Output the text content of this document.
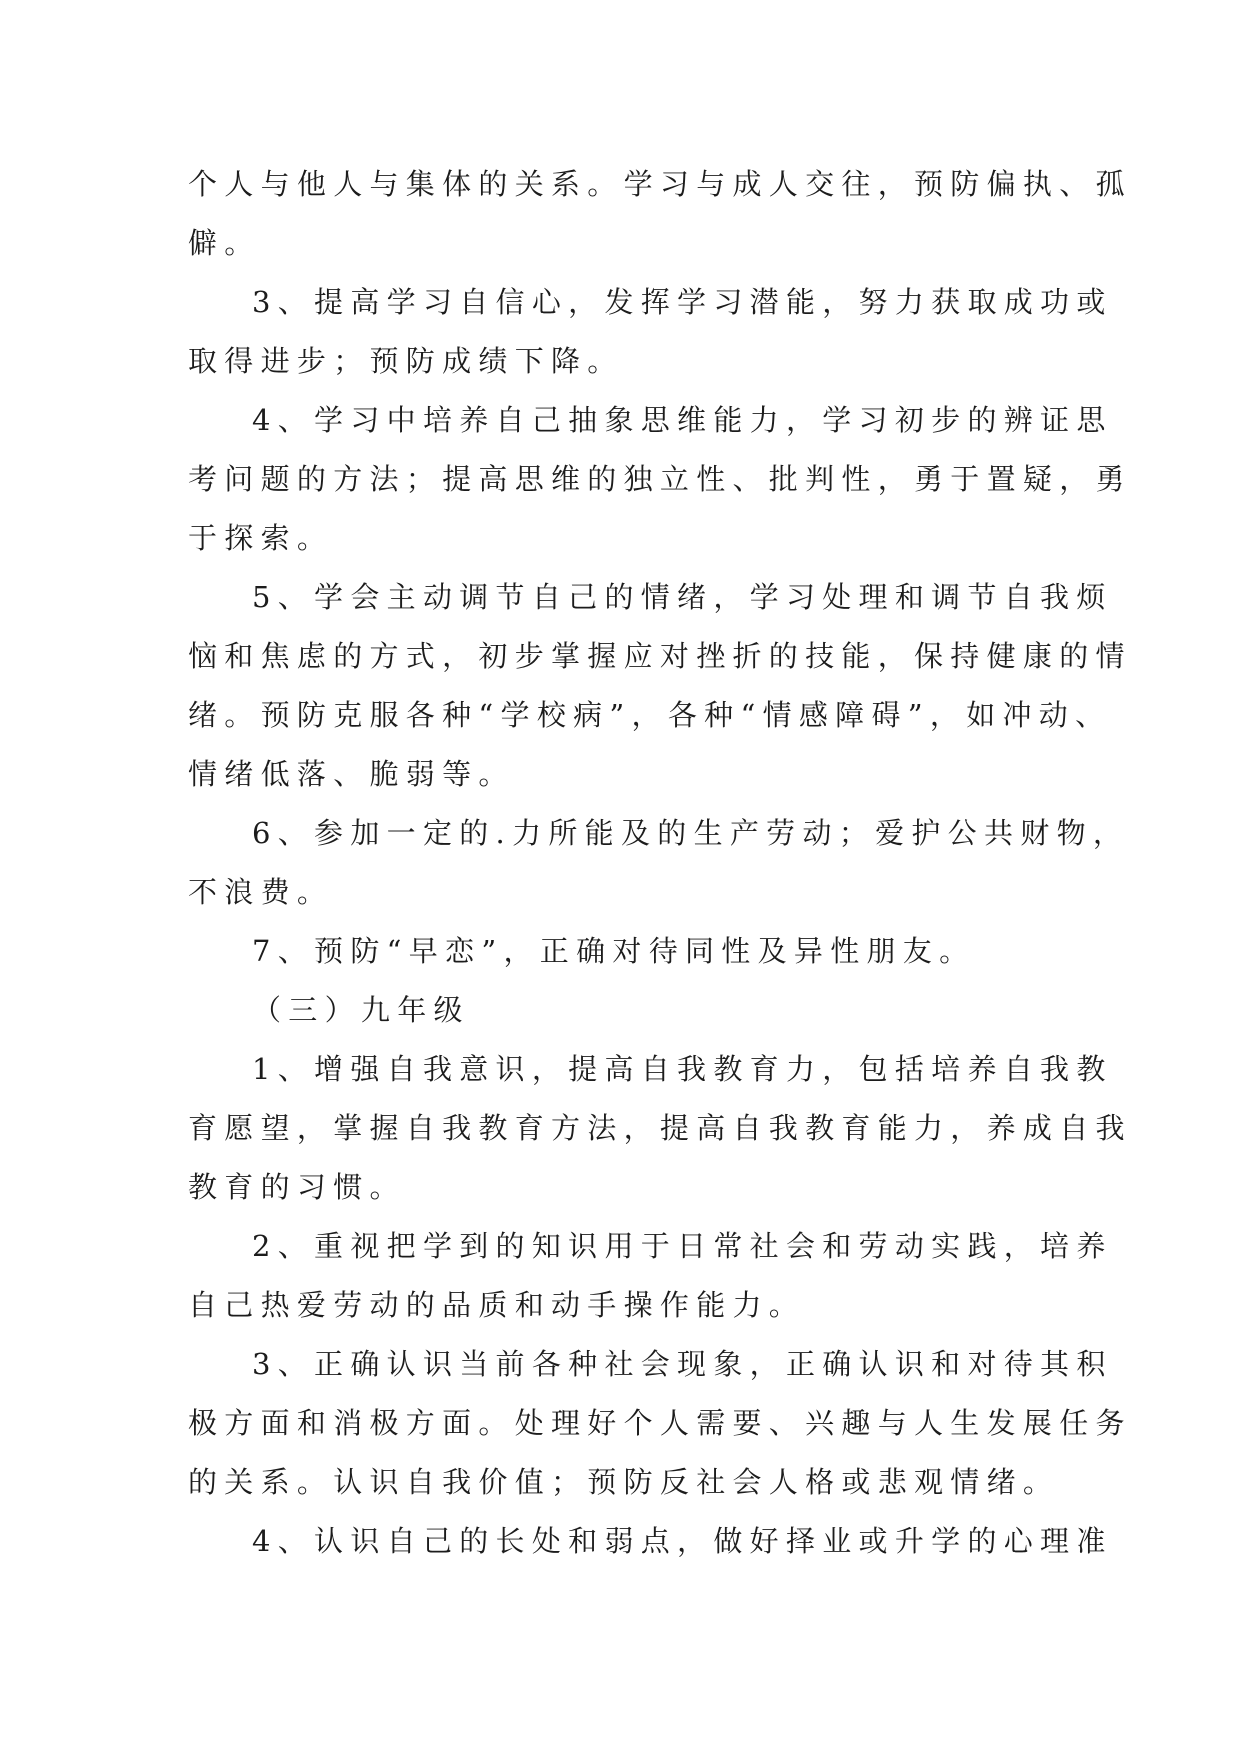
个人与他人与集体的关系。学习与成人交往，预防偏执、孤
僻。
3、提高学习自信心，发挥学习潜能，努力获取成功或
取得进步；预防成绩下降。
4、学习中培养自己抽象思维能力，学习初步的辨证思
考问题的方法；提高思维的独立性、批判性，勇于置疑，勇
于探索。
5、学会主动调节自己的情绪，学习处理和调节自我烦
恼和焦虑的方式，初步掌握应对挫折的技能，保持健康的情
绪。预防克服各种“学校病”，各种“情感障碍”，如冲动、
情绪低落、脆弱等。
6、参加一定的.力所能及的生产劳动；爱护公共财物，
不浪费。
7、预防“早恋”，正确对待同性及异性朋友。
（三）九年级
1、增强自我意识，提高自我教育力，包括培养自我教
育愿望，掌握自我教育方法，提高自我教育能力，养成自我
教育的习惯。
2、重视把学到的知识用于日常社会和劳动实践，培养
自己热爱劳动的品质和动手操作能力。
3、正确认识当前各种社会现象，正确认识和对待其积
极方面和消极方面。处理好个人需要、兴趣与人生发展任务
的关系。认识自我价值；预防反社会人格或悲观情绪。
4、认识自己的长处和弱点，做好择业或升学的心理准
